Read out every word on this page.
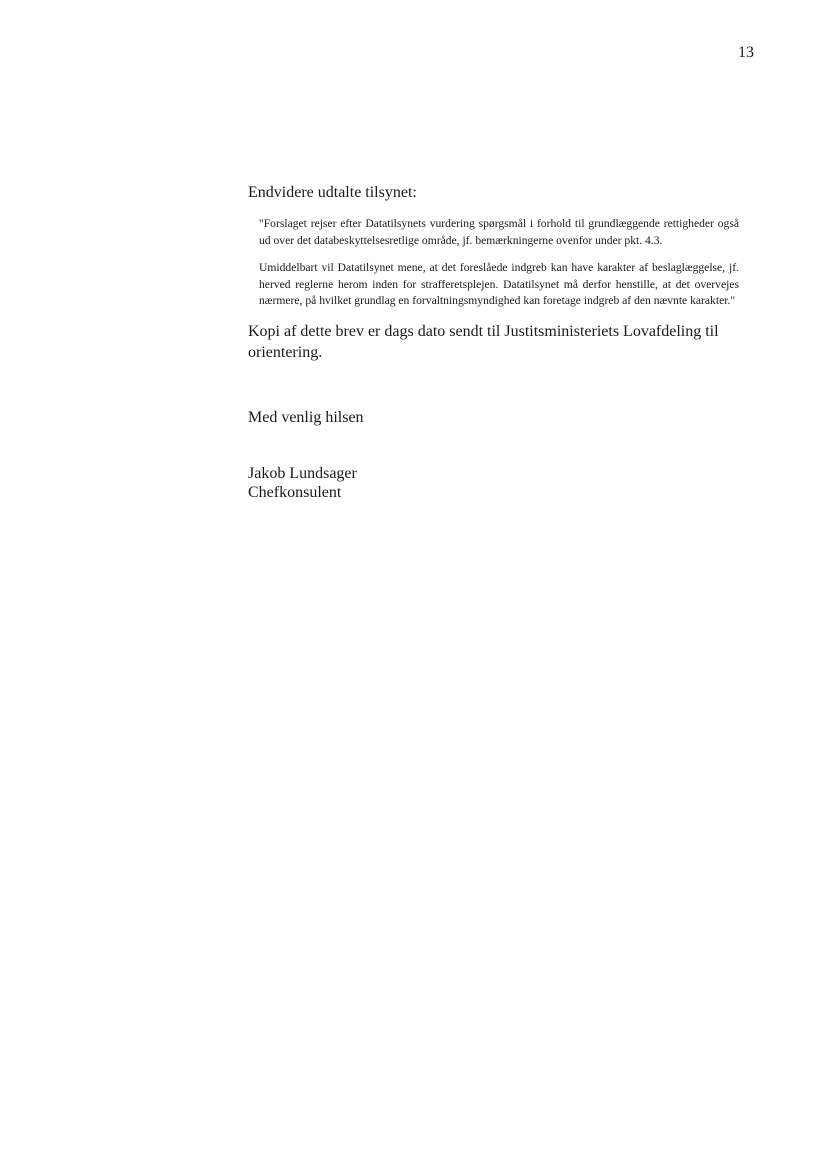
13

Endvidere udtalte tilsynet:

"Forslaget rejser efter Datatilsynets vurdering spørgsmål i forhold til grundlæggende rettigheder også ud over det databeskyttelsesretlige område, jf. bemærkningerne ovenfor under pkt. 4.3.

Umiddelbart vil Datatilsynet mene, at det foreslåede indgreb kan have karakter af beslaglæggelse, jf. herved reglerne herom inden for strafferetsplejen. Datatilsynet må derfor henstille, at det overvejes nærmere, på hvilket grundlag en forvaltningsmyndighed kan foretage indgreb af den nævnte karakter."

Kopi af dette brev er dags dato sendt til Justitsministeriets Lovafdeling til orientering.

Med venlig hilsen

Jakob Lundsager
Chefkonsulent
